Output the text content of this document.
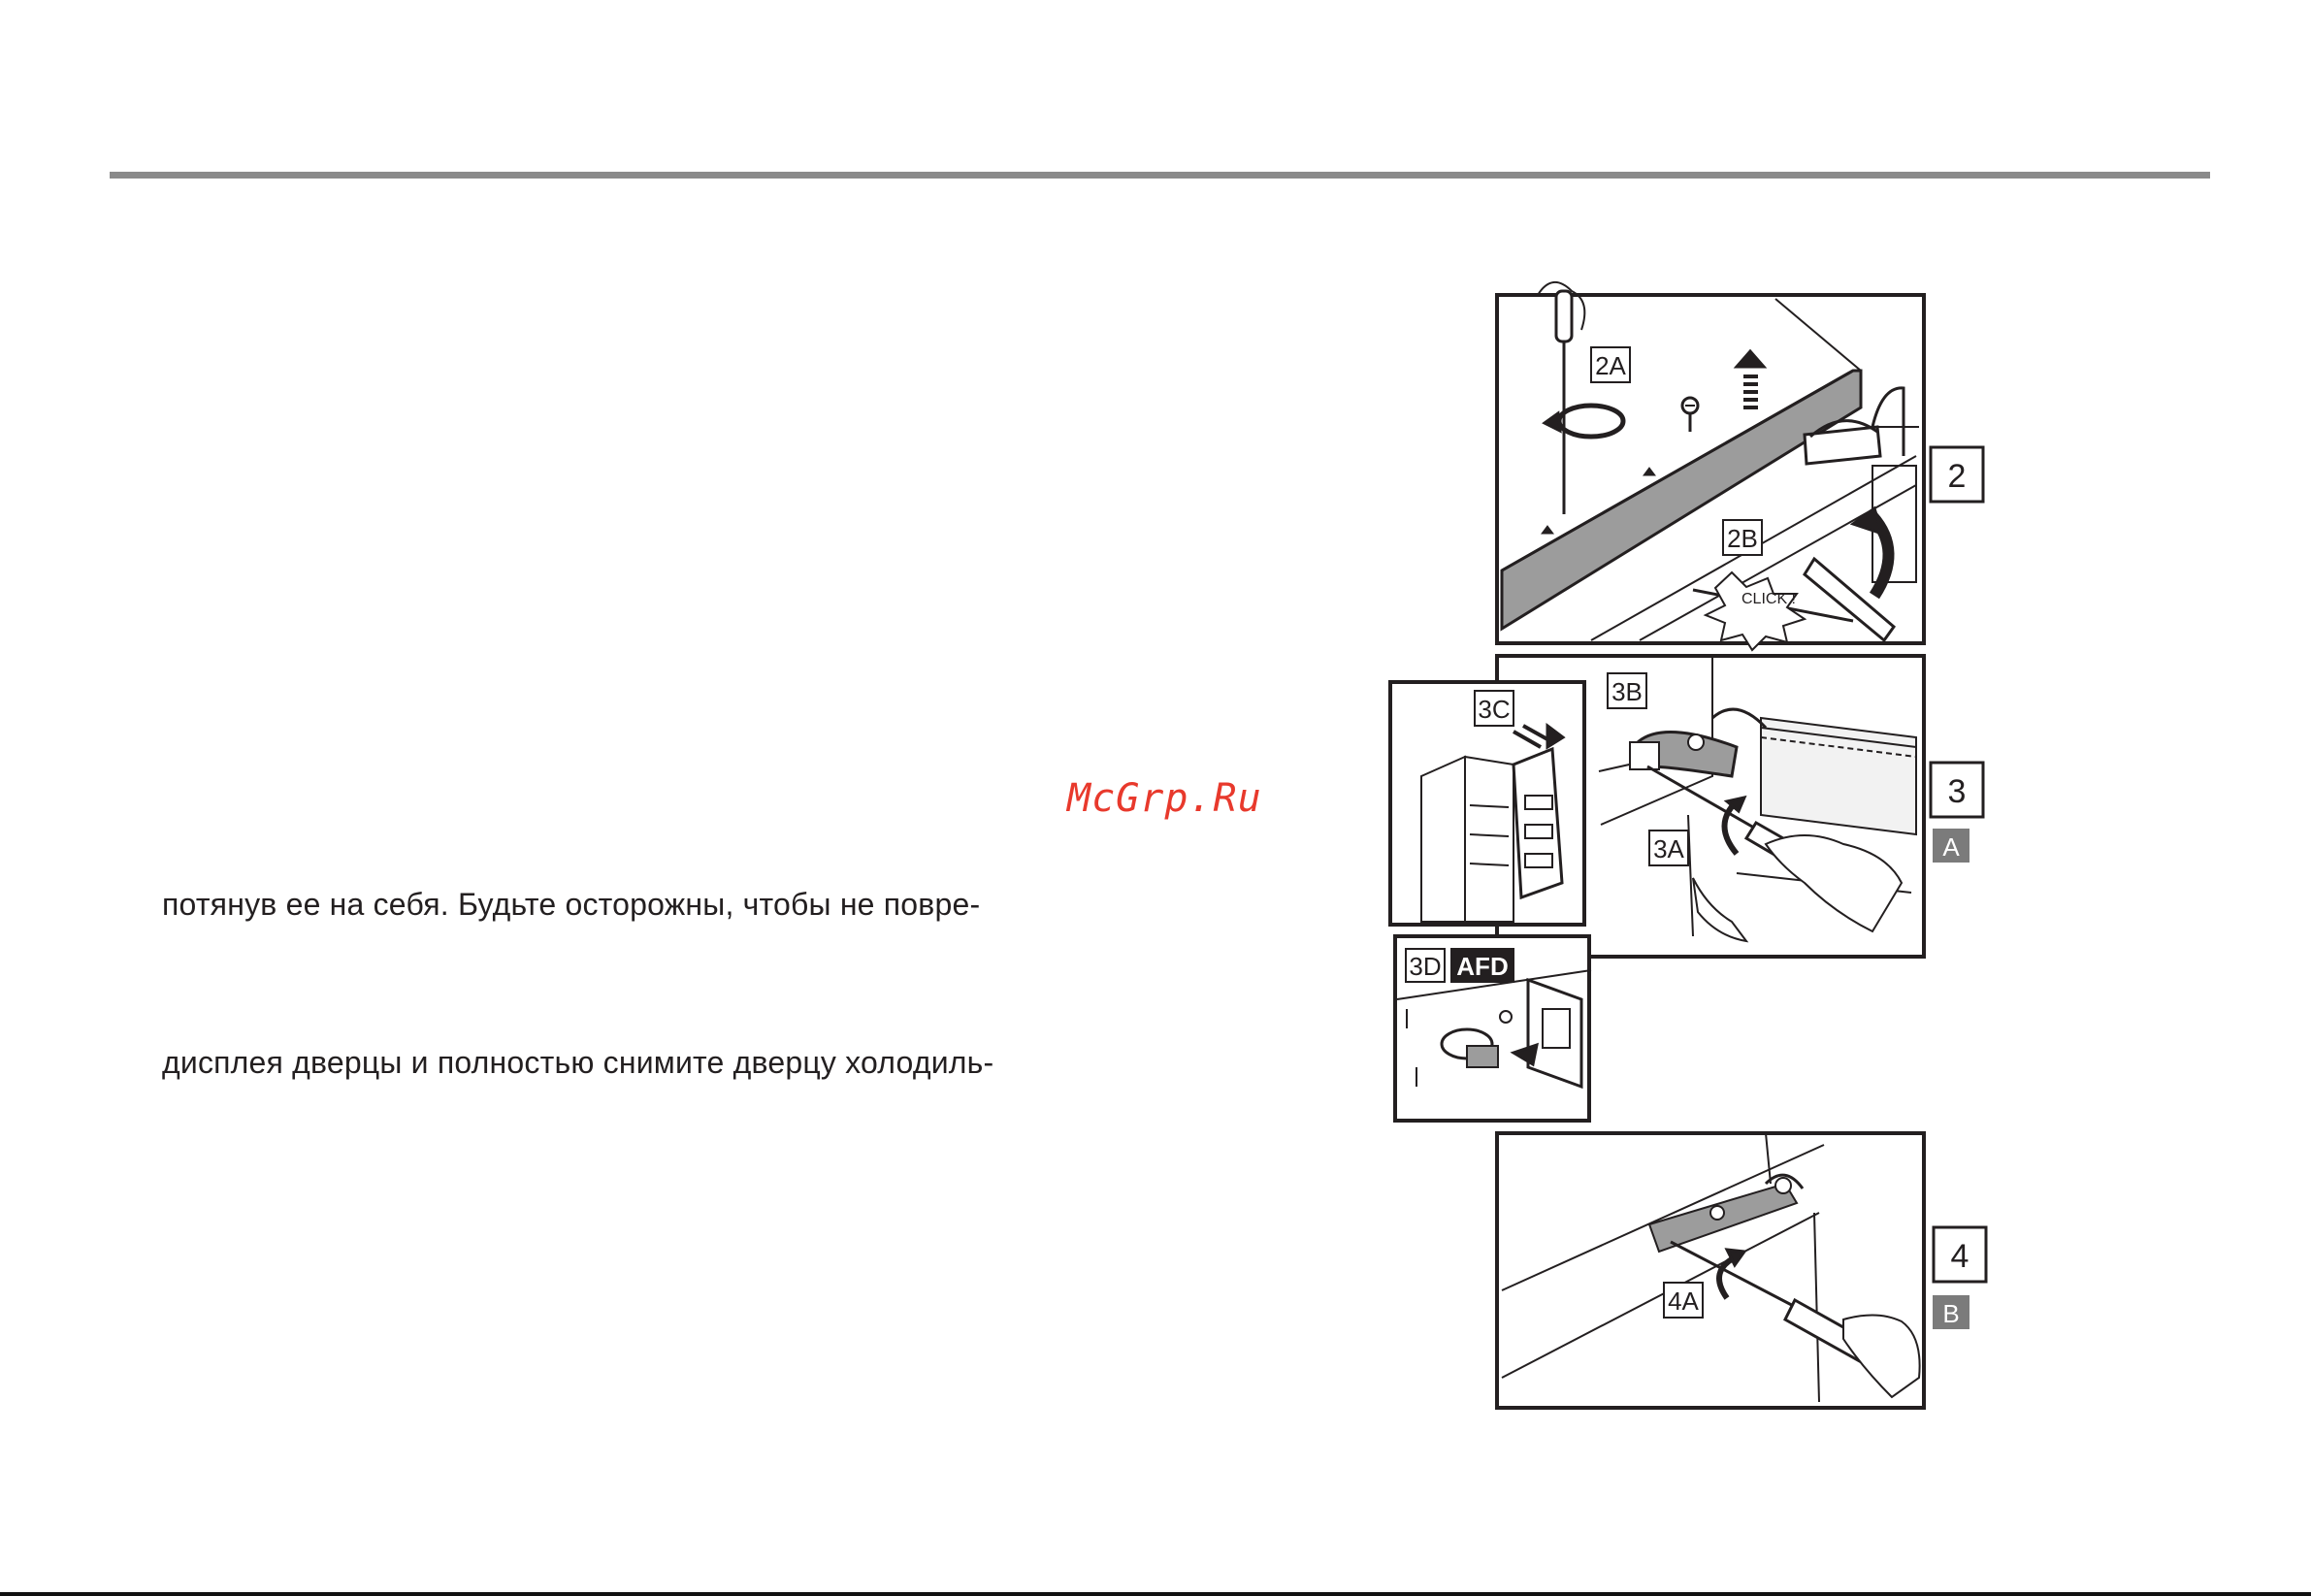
McGrp.Ru
потянув ее на себя. Будьте осторожны, чтобы не повре-
дисплея дверцы и полностью снимите дверцу холодиль-
CLICK !
2A
2B
3B
3A
3C
3D AFD
4A
2
3
A
4
B
